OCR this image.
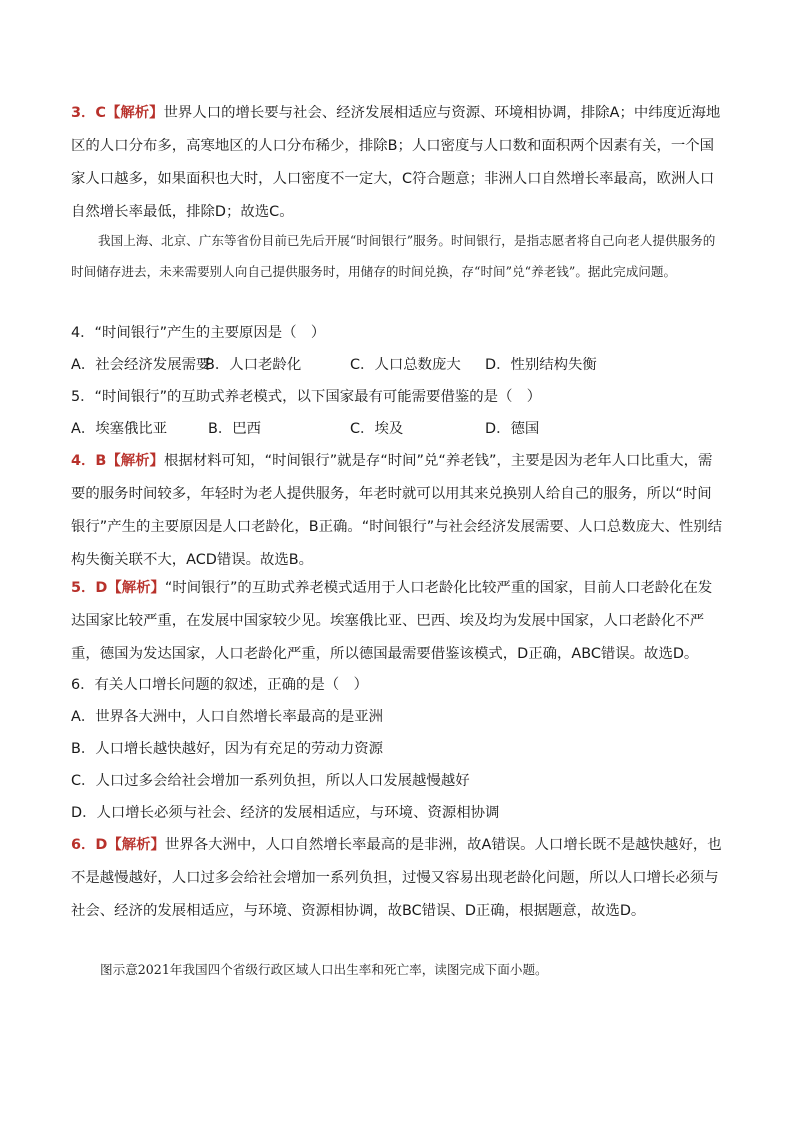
3．C【解析】世界人口的增长要与社会、经济发展相适应与资源、环境相协调，排除A；中纬度近海地区的人口分布多，高寒地区的人口分布稀少，排除B；人口密度与人口数和面积两个因素有关，一个国家人口越多，如果面积也大时，人口密度不一定大，C符合题意；非洲人口自然增长率最高，欧洲人口自然增长率最低，排除D；故选C。
我国上海、北京、广东等省份目前已先后开展“时间银行”服务。时间银行，是指志愿者将自己向老人提供服务的时间储存进去，未来需要别人向自己提供服务时，用储存的时间兑换，存“时间”兑“养老钱”。据此完成问题。
4．“时间银行”产生的主要原因是（　）
A．社会经济发展需要B．人口老龄化	C．人口总数庞大 D．性别结构失衡
5．“时间银行”的互助式养老模式，以下国家最有可能需要借鉴的是（　）
A．埃塞俄比亚	B．巴西	C．埃及	D．德国
4．B【解析】根据材料可知，“时间银行”就是存“时间”兑“养老钱”，主要是因为老年人口比重大，需要的服务时间较多，年轻时为老人提供服务，年老时就可以用其来兑换别人给自己的服务，所以“时间银行”产生的主要原因是人口老龄化，B正确。“时间银行”与社会经济发展需要、人口总数庞大、性别结构失衡关联不大，ACD错误。故选B。
5．D【解析】“时间银行”的互助式养老模式适用于人口老龄化比较严重的国家，目前人口老龄化在发达国家比较严重，在发展中国家较少见。埃塞俄比亚、巴西、埃及均为发展中国家，人口老龄化不严重，德国为发达国家，人口老龄化严重，所以德国最需要借鉴该模式，D正确，ABC错误。故选D。
6．有关人口增长问题的叙述，正确的是（　）
A．世界各大洲中，人口自然增长率最高的是亚洲
B．人口增长越快越好，因为有充足的劳动力资源
C．人口过多会给社会增加一系列负担，所以人口发展越慢越好
D．人口增长必须与社会、经济的发展相适应，与环境、资源相协调
6．D【解析】世界各大洲中，人口自然增长率最高的是非洲，故A错误。人口增长既不是越快越好，也不是越慢越好，人口过多会给社会增加一系列负担，过慢又容易出现老龄化问题，所以人口增长必须与社会、经济的发展相适应，与环境、资源相协调，故BC错误、D正确，根据题意，故选D。
图示意2021年我国四个省级行政区域人口出生率和死亡率，读图完成下面小题。
